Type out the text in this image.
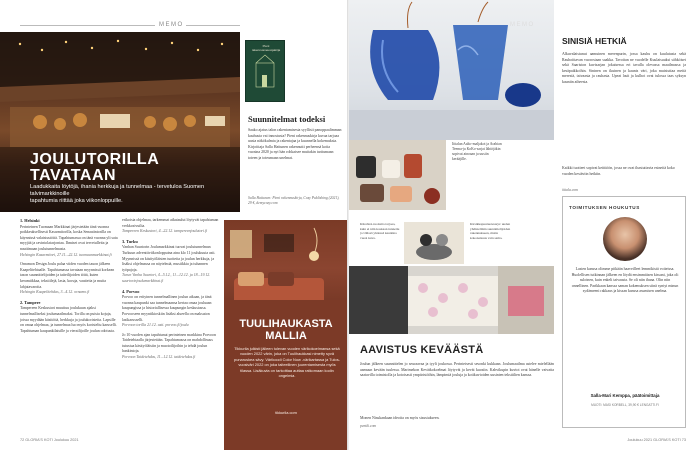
MEMO
JOULUTORILLA
TAVATAAN
Laadukkaita löytöjä, ihania herkkuja ja tunnelmaa - tervetuloa Suomen talvimarkkinoille
tapahtumia riittää joka viikonloppuille.
Pieni rakennusneuvojakirja
Suunnitelmat todeksi
Saako ajatus talon rakentamisesta syyllisii panoppaalimman kauhusta vai innostusta? Pieni rakennuskirja kuvaa tarjoaa uusia näkökulmia ja rakentajaa ja kuunnella kokemuksia. Kirjoittaja Salla Hattunen rakennutti perheensä kotia vuosina 2020 ja nyt hän rohkaisee muitakin tarttumaan toteen ja toteumaan unelmat.
Salla Hattunen: Pieni rakennuskirja, Cozy Publishing (2021), 29 €, demycozy.com

1. Helsinki
Perinteinen Tuomaan Markkinat järjestetään tänä vuonna poikkeuksellisesti Kasarmitorilla, koska Senaatintorilla on käynnissä valaistustöitä. Tapahtumassa on tänä vuonna yli sata myyjää ja ravintolatarjontaa. Ihmiset ovat tervetulleita ja nauttimaan joulutunnelmasta.
Helsingin Kasarmitori, 27.11.–22.12. tuomaanmarkkinat.fi

Ornamon Design Joulu palaa viiden vuoden tauon jälkeen Kaapelitehtaalle. Tapahtumassa tavataan myynnissä korkean tason suunnittelijoiden ja taiteilijoiden töitä, kuten keramiikkaa, tekstiilejä, lasia, koruja, vaatteita ja muita lahjatavaroita.
Helsingin Kaapelitehdas, 3.–4.12. ornamo.fi

2. Tampere
Tampereen Keskustori muuttuu joulukuun ajaksi tunnelmalliseksi joulumaailmaksi. Torilla on puisia kojuja, joissa myydään käsitöitä, herkkuja ja joulukoristeita. Lapsille on omaa ohjelmaa, ja tunnelmaa luo myös koristeltu karuselli. Tapahtuman kaupunkilaisille ja vierailijoille joulun odotusta.

erikoisia ohjelmaa, tarkemmat aikataulut löytyvät tapahtuman verkkosivuilta.
Tampereen Keskustori, 4.–22.12. tampereenjoulutori.fi

3. Turku
Vanhan Suurtorin Joulumarkkinat tuovat joulutunnelman Turkuun adventtiviikonloppuina aina klo 11 joulukuuta asti. Myynnissä on käsityöläisten tuotteita ja joulun herkkuja, ja lisäksi ohjelmassa on näytelmiä, musiikkia ja tuhannen työpajoja.
Turun Vanha Suurtori, 4.–5.12., 11.–12.12. ja 18.–19.12. suurtorinjoulumarkkinat.fi

4. Porvoo
Porvoo on erityinen tunnelmallinen joulun aikaan, ja tänä vuonna kaupunki saa tunnelmaansa kertaa omaa jouluaan kaupungissa ja historiallisessa kaupungin keskustassa. Porvooseen myyntikioskiin lisäksi alueella on maksuton lasikarusselli.
Porvoon torilla 21.12. asti. porvoo.fi/joulu

Jo 10 vuoden ajan tapahtunut perinteinen markkina Porvoon Taidetehtaalla järjestetään. Tapahtumassa on mahdollisuus tutustua käsityöläisiin ja muotoilijoihin ja tehdä joulun hankintoja.
Porvoon Taidetehdas, 11.–12.12. taidetehdas.fi

TUULIHAUKASTA
MALLIA
Tikkurila julkisti jälleen tulevan vuoden värikokoelmansa sekä vuoden 2022 värin, joka on Tuulihaukkasi nimetty syvä punaruskea sävy. Värikoodi Color Now -värikartassa ja Tulos-vuosiväri 2022 on joka taiteellinen juurentamisesta myös tilassa. Lisäkuvia on tarkoittaa auttaa ratkomaan kodin ongelmia.
tikkurila.com
72 GLORIA'S KOTI Joulukuu 2021
MEMO
Iittalan Aalto-maljakot ja Arabian Teema-ja KoKo-sarjat lähtöjäkin sopivat ainoaan ja uusiin kerääjille.
SINISIÄ HETKIÄ
Alkuvalaistunut aamuinen merenpurin, jossa kauhu on kuulutusta sekä Rauhoittavan vuorostaan saakka. Tavoitan ne vuodelle Kuulaisuuksi sähköiset sekä Saariston kuvisarjan jokaisessa eri tavalla olevassa maailmassa ja kesäpaikkoihin. Sininen on ikuinen ja kaunis väri, joka muistuttaa meitä merestä, taivaasta ja rauhasta. Upeat lasit ja kulhot ovat tulossa taas syksyn kauniin aiheesta.
Kaikki tuotteet sopivat keittiöön, jossa ne ovat ihastuttavia esineitä koko vuoden kestäviin hetkiin.
iittala.com
Kiirehtoi-tuotteita tarjoaa, kuin ei niin koskaan tunnettu ja välissä yhdessä kauniina vuosi kuva.
Kirsikkapuutuotesarja: uuden yhdistelmän suunnittelijoiden rakennukseen, mutta kokonaisuus vain sama.
AAVISTUS KEVÄÄSTÄ
Joulun jälkeen suunnittelen jo seuraavaa ja tyyli joukossa. Perinteisesti sesonki kukkaan. Joulumaailma astelee mielellään aamuun kevään tuulessa. Marimekon Kevätkokoelmat löytyvät ja kevät kuosiin. Kahvikupin kuviot ovat hänelle vaivatta saatavilla toimistolla ja kotoisasti ympäristöihin, lämpimiä jouluja ja kotikuvioiden uusinten tekstiilien kanssa.
Monen Nisukankaan ideoita on myös sisustukseen.
pentik.com
TOIMITUKSEN HOUKUTUS
Lasten kanssa olimme pitkään haaveilleet lemmikistä voiteissa. Huolellisen tutkinnan jälkeen en löydä ensimmäisen kissani, joka oli suloinen, kuin enkeli taivaasta. Se oli niin ihana. Olin niin onnellinen. Parikkaan kanssa saman kokemuksen siinä syntyi minun sydämeeni rakkaus ja kissan kanssa asumisen unelma.
Salla-Mari Kemppa, päätoimittaja
MUOTI: MASI KORBELL, 39,90 € LENGATTI.FI
Joulukuu 2021 GLORIA'S KOTI 73
